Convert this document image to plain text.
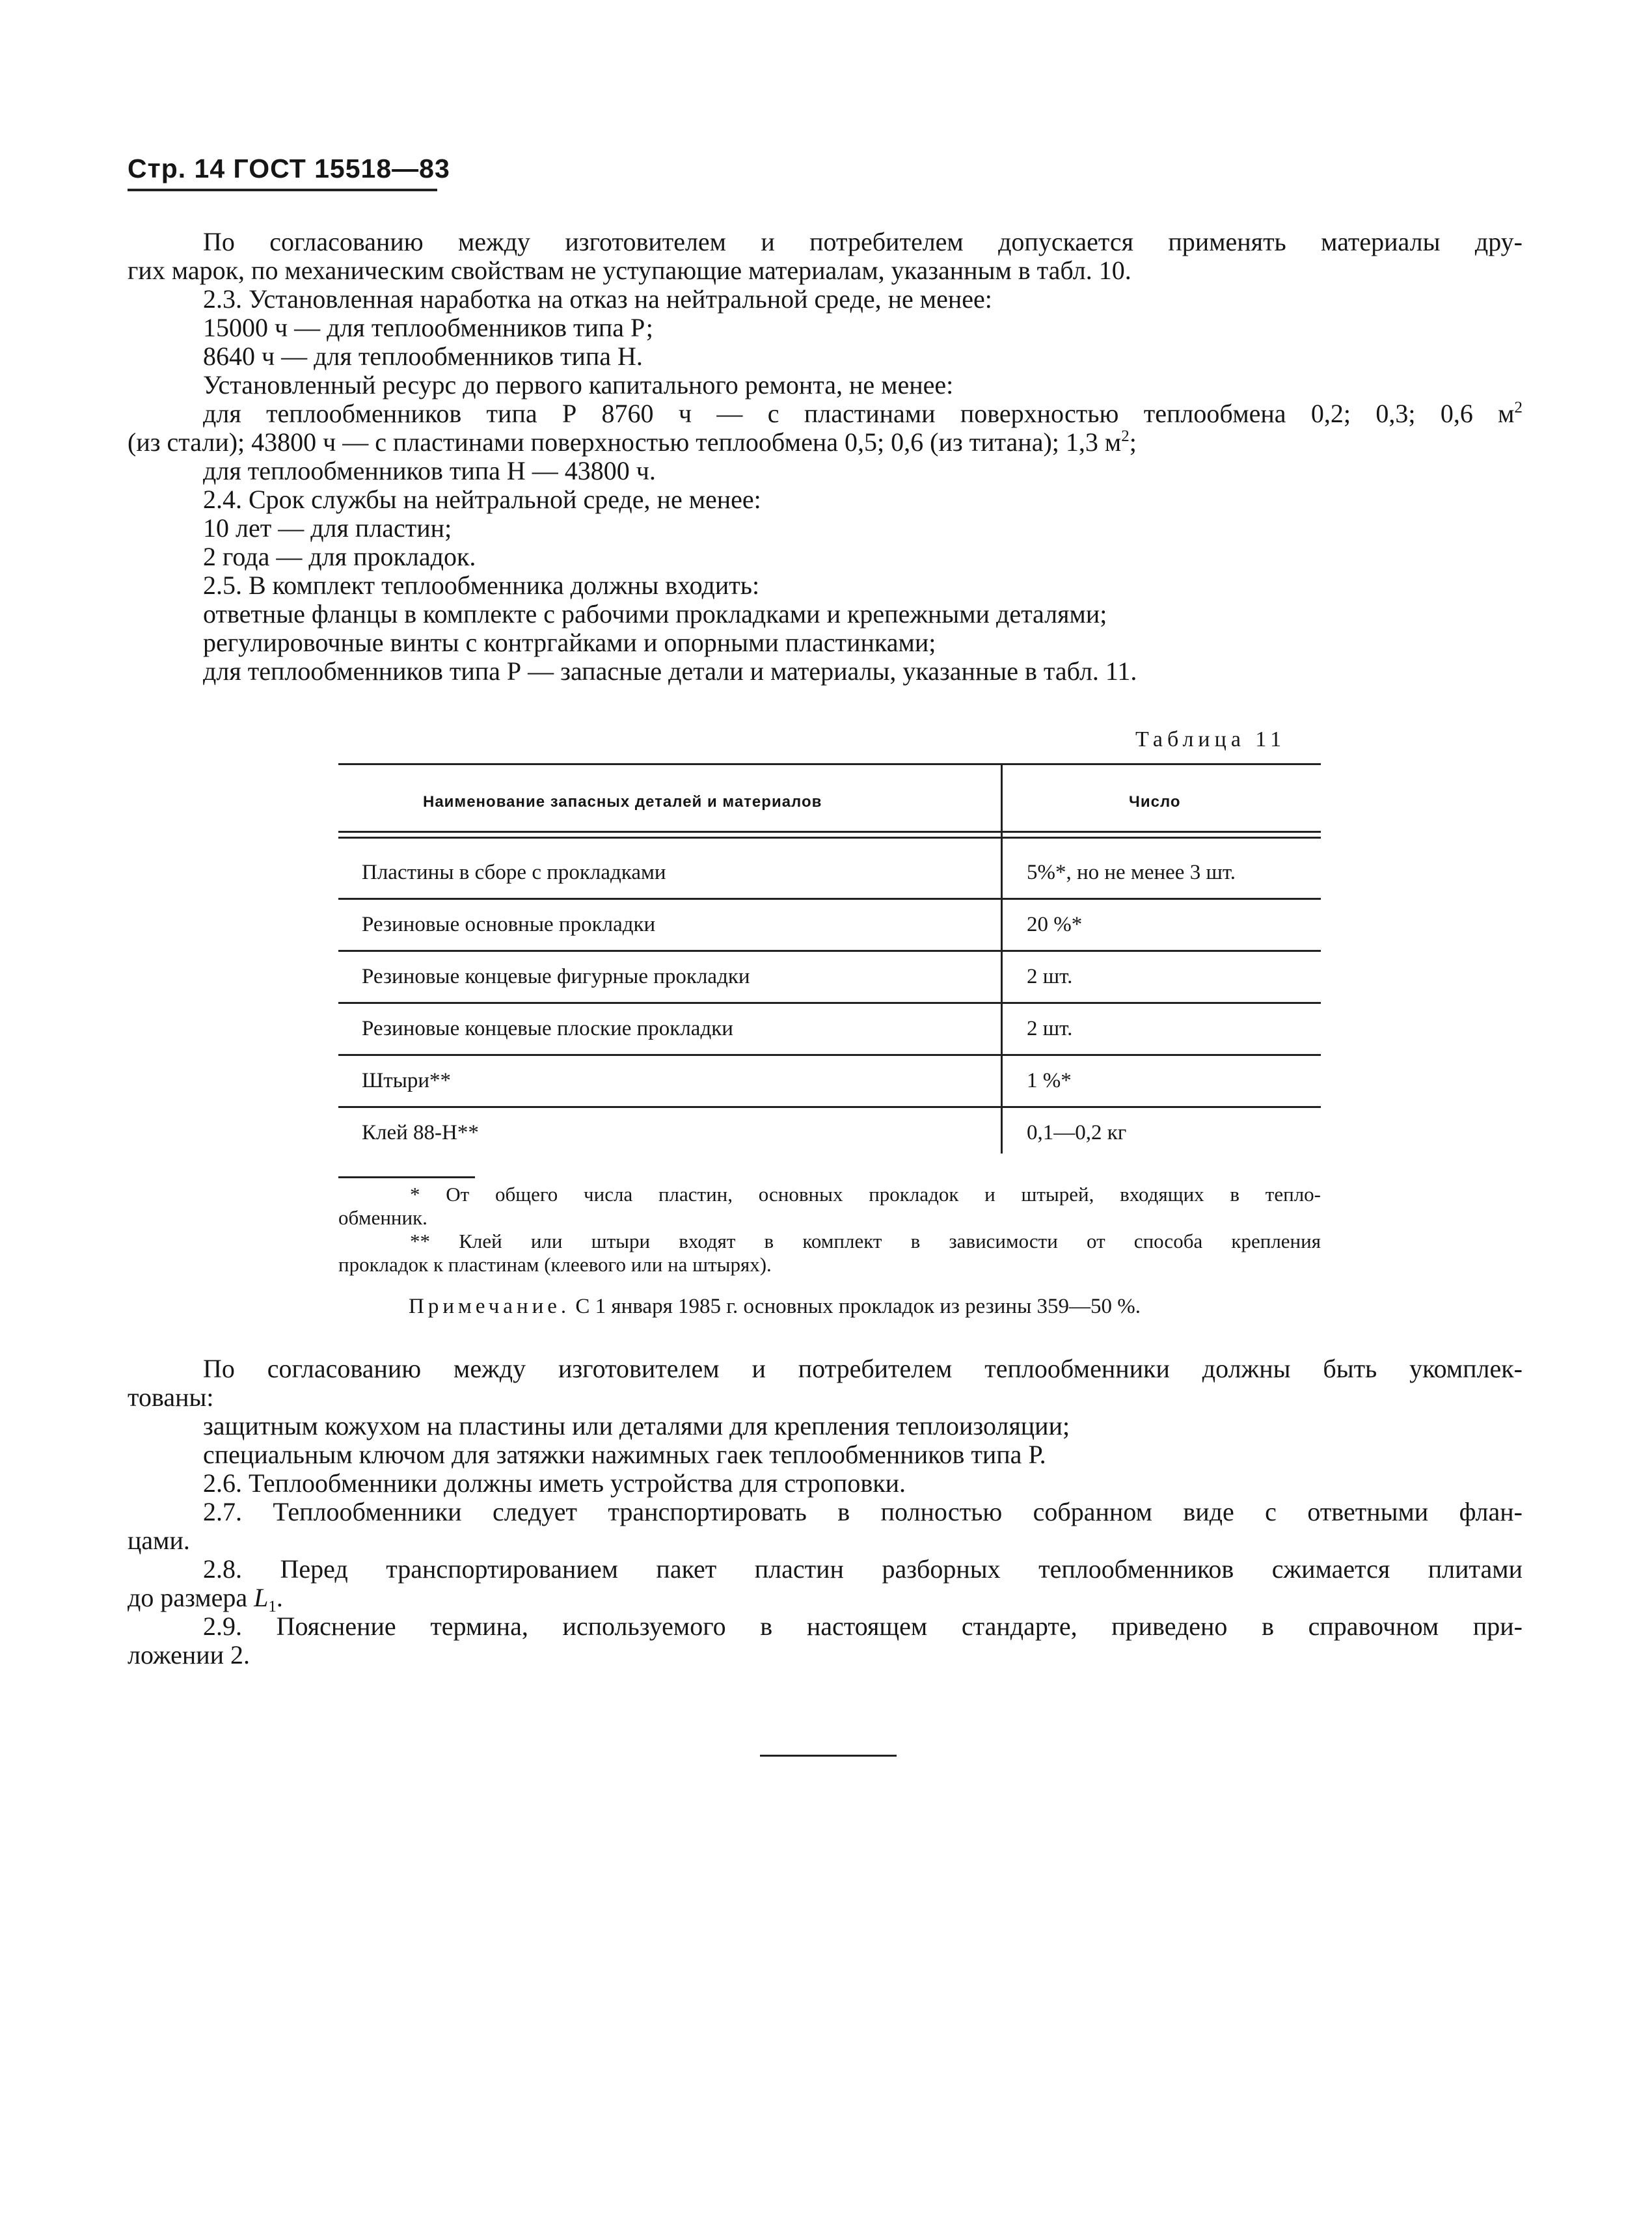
Стр. 14 ГОСТ 15518—83

По согласованию между изготовителем и потребителем допускается применять материалы дру-

гих марок, по механическим свойствам не уступающие материалам, указанным в табл. 10.

2.3. Установленная наработка на отказ на нейтральной среде, не менее:

15000 ч — для теплообменников типа Р;

8640 ч — для теплообменников типа Н.

Установленный ресурс до первого капитального ремонта, не менее:

для теплообменников типа Р 8760 ч — с пластинами поверхностью теплообмена 0,2; 0,3; 0,6 $м^2$

(из стали); 43800 ч — с пластинами поверхностью теплообмена 0,5; 0,6 (из титана); 1,3 $м^2$;

для теплообменников типа Н — 43800 ч.

2.4. Срок службы на нейтральной среде, не менее:

10 лет — для пластин;

2 года — для прокладок.

2.5. В комплект теплообменника должны входить:

ответные фланцы в комплекте с рабочими прокладками и крепежными деталями;

регулировочные винты с контргайками и опорными пластинками;

для теплообменников типа Р — запасные детали и материалы, указанные в табл. 11.

Таблица 11
Наименование запасных деталей и материалов	Число
Пластины в сборе с прокладками	5%*, но не менее 3 шт.
Резиновые основные прокладки	20 %*
Резиновые концевые фигурные прокладки	2 шт.
Резиновые концевые плоские прокладки	2 шт.
Штыри**	1 %*
Клей 88-Н**	0,1—0,2 кг

* От общего числа пластин, основных прокладок и штырей, входящих в тепло-

обменник.

** Клей или штыри входят в комплект в зависимости от способа крепления

прокладок к пластинам (клеевого или на штырях).

Примечание. С 1 января 1985 г. основных прокладок из резины 359—50 %.

По согласованию между изготовителем и потребителем теплообменники должны быть укомплек-

тованы:

защитным кожухом на пластины или деталями для крепления теплоизоляции;

специальным ключом для затяжки нажимных гаек теплообменников типа Р.

2.6. Теплообменники должны иметь устройства для строповки.

2.7. Теплообменники следует транспортировать в полностью собранном виде с ответными флан-

цами.

2.8. Перед транспортированием пакет пластин разборных теплообменников сжимается плитами

до размера $L_1$.

2.9. Пояснение термина, используемого в настоящем стандарте, приведено в справочном при-

ложении 2.
